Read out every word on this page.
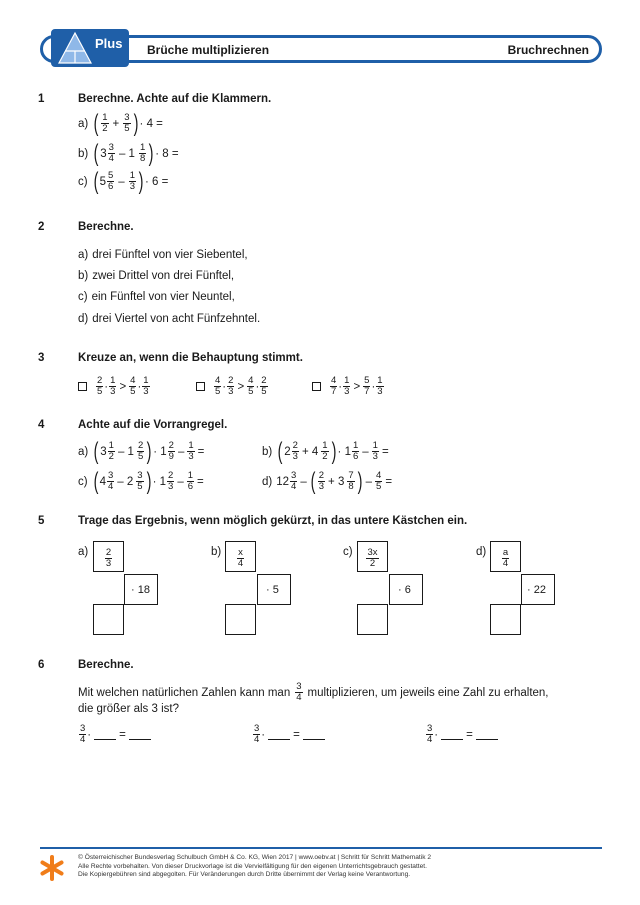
Brüche multiplizieren	Bruchrechnen
Plus
1	Berechne. Achte auf die Klammern.
a) ( 1
$2 + \frac{3}{5}$ ) · 4 =
b) ( 3 3
4 – 1 1
8 ) · 8 =
c) ( 5 5
6 – 1
3 ) · 6 =
2	Berechne.
a) drei Fünftel von vier Siebentel,
b) zwei Drittel von drei Fünftel,
c) ein Fünftel von vier Neuntel,
d) drei Viertel von acht Fünfzehntel.
3	Kreuze an, wenn die Behauptung stimmt.
2
5 · 1
3 > 4
5 · 1
3
4
5 · 2
3 > 4
5 · 2
5
4
7 · 1
3 > 5
7 · 1
3
4	Achte auf die Vorrangregel.
a) ( 3 1
2 – 1 2
5 ) · 1 2
$9 - \frac{1}{3}$ =	b) ( 2 2
3 + 4 1
2 ) · 1 1
$6 - \frac{1}{3}$ =
c) ( 4 3
4 – 2 3
5 ) · 1 2
$3 - \frac{1}{6}$ =	d) 12 3
4 – ( 2
3 + 3 7
8 ) – $\frac{4}{5}$ =
5	Trage das Ergebnis, wenn möglich gekürzt, in das untere Kästchen ein.
a) 2
3
· 18
b) x
4
· 5
c) 3x
2
· 6
d) a
4
· 22
6	Berechne.
Mit welchen natürlichen Zahlen kann man 3
4 multiplizieren, um jeweils eine Zahl zu erhalten,
die größer als 3 ist?
3
4 · =	3
4 · =	3
4 · =
© Österreichischer Bundesverlag Schulbuch GmbH & Co. KG, Wien 2017 | www.oebv.at | Schritt für Schritt Mathematik 2
Alle Rechte vorbehalten. Von dieser Druckvorlage ist die Vervielfältigung für den eigenen Unterrichtsgebrauch gestattet.
Die Kopiergebühren sind abgegolten. Für Veränderungen durch Dritte übernimmt der Verlag keine Verantwortung.
